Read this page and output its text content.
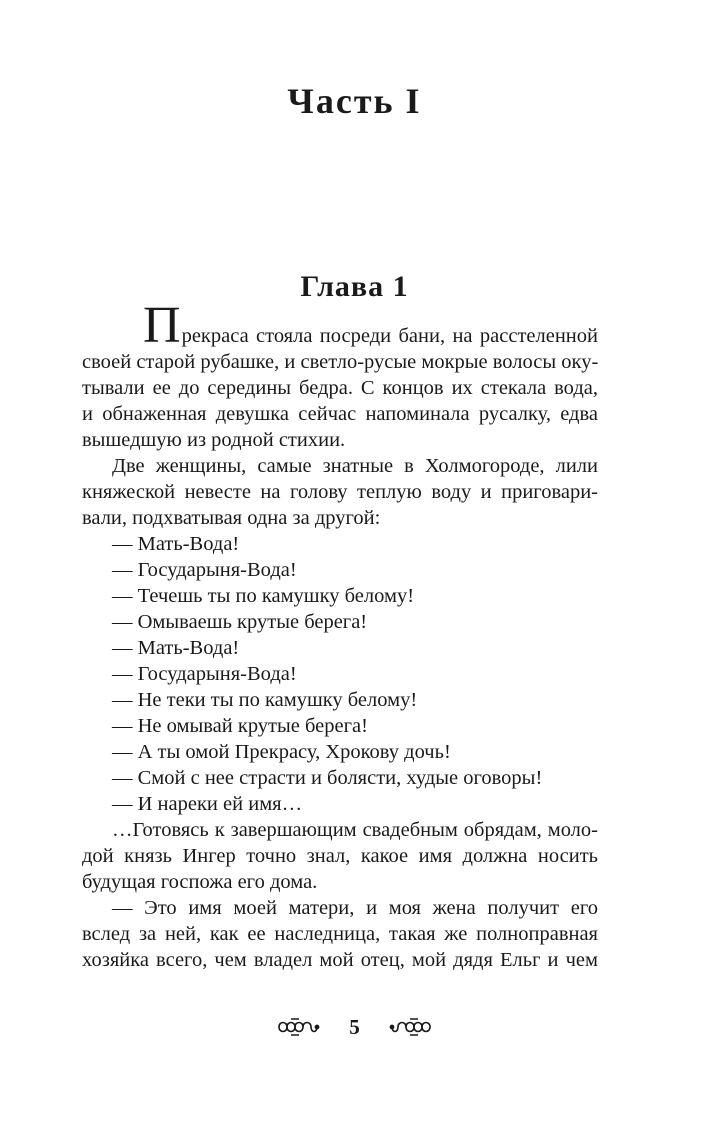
Часть I
Глава 1

Прекраса стояла посреди бани, на расстеленной
своей старой рубашке, и светло-русые мокрые волосы оку-
тывали ее до середины бедра. С концов их стекала вода,
и обнаженная девушка сейчас напоминала русалку, едва
вышедшую из родной стихии.

Две женщины, самые знатные в Холмогороде, лили
княжеской невесте на голову теплую воду и приговари-
вали, подхватывая одна за другой:

— Мать-Вода!

— Государыня-Вода!

— Течешь ты по камушку белому!

— Омываешь крутые берега!

— Мать-Вода!

— Государыня-Вода!

— Не теки ты по камушку белому!

— Не омывай крутые берега!

— А ты омой Прекрасу, Хрокову дочь!

— Смой с нее страсти и болясти, худые оговоры!

— И нареки ей имя…

…Готовясь к завершающим свадебным обрядам, моло-
дой князь Ингер точно знал, какое имя должна носить
будущая госпожа его дома.

— Это имя моей матери, и моя жена получит его
вслед за ней, как ее наследница, такая же полноправная
хозяйка всего, чем владел мой отец, мой дядя Ельг и чем

5
